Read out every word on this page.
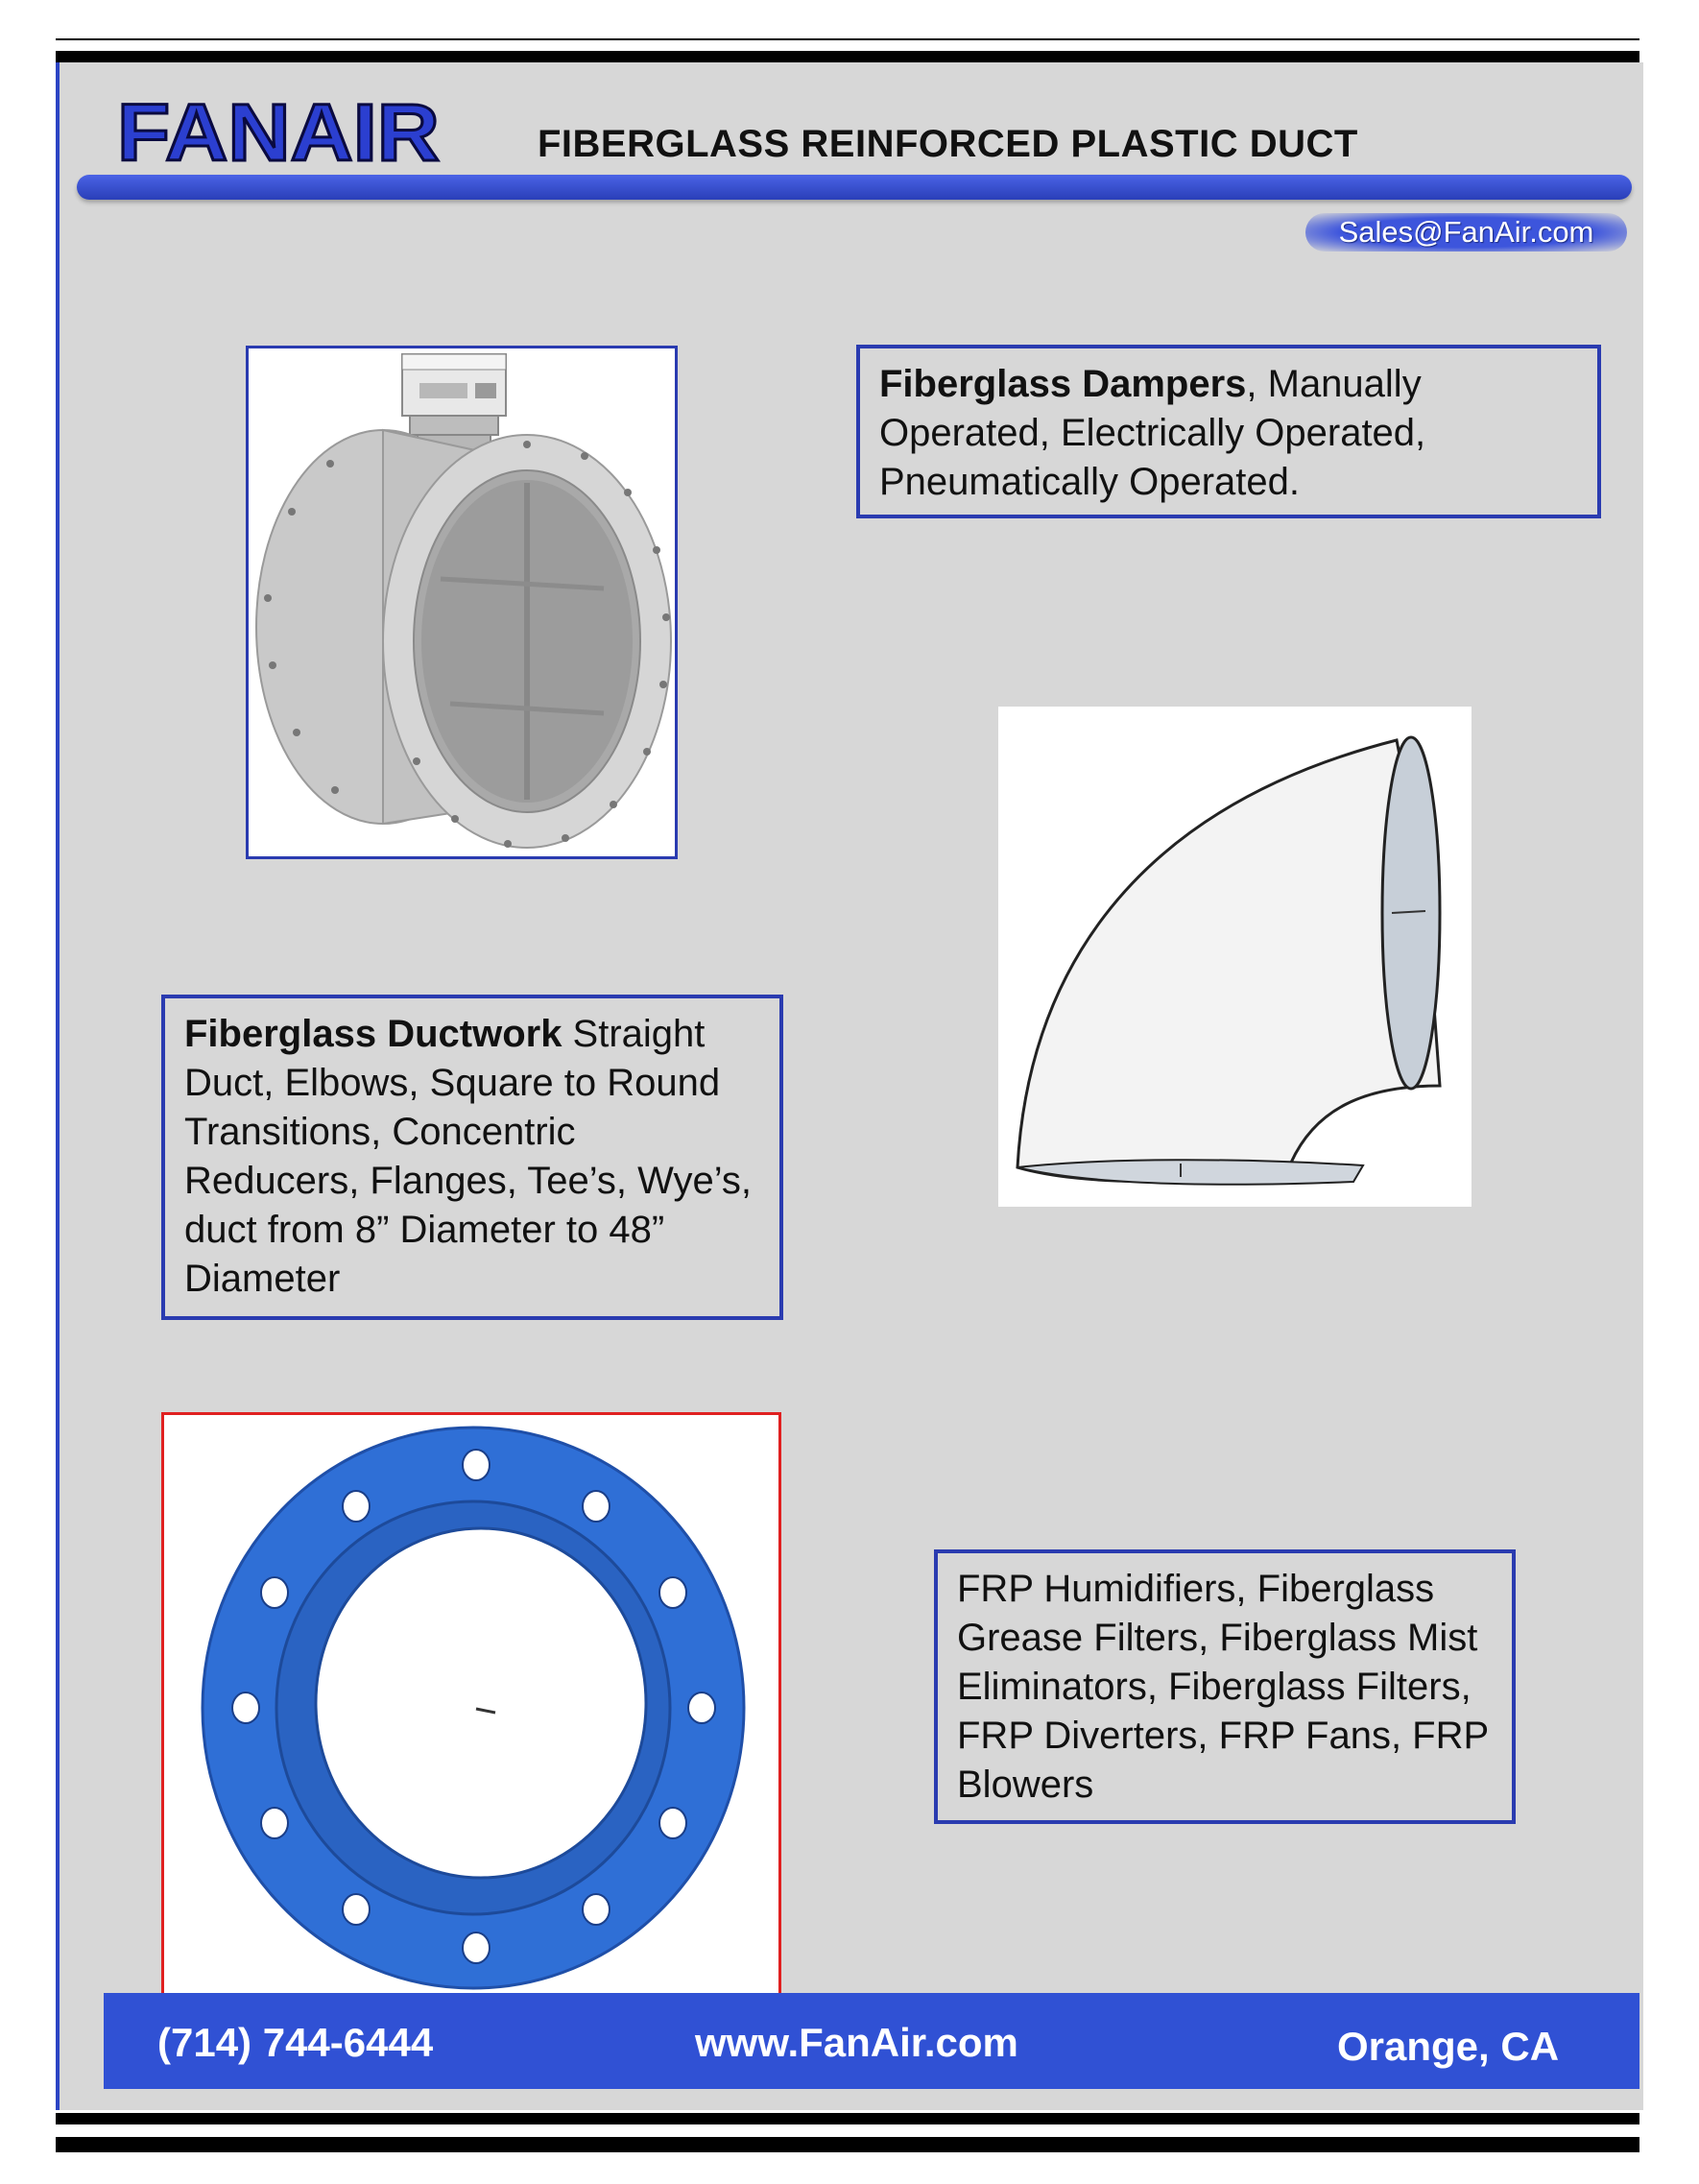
FANAIR	FIBERGLASS REINFORCED PLASTIC DUCT
Sales@FanAir.com
Fiberglass Dampers, Manually Operated, Electrically Operated, Pneumatically Operated.
Fiberglass Ductwork Straight Duct, Elbows, Square to Round Transitions, Concentric Reducers, Flanges, Tee’s, Wye’s, duct from 8” Diameter to 48” Diameter
FRP Humidifiers, Fiberglass Grease Filters, Fiberglass Mist Eliminators, Fiberglass Filters, FRP Diverters, FRP Fans, FRP Blowers
(714) 744-6444	www.FanAir.com	Orange, CA
